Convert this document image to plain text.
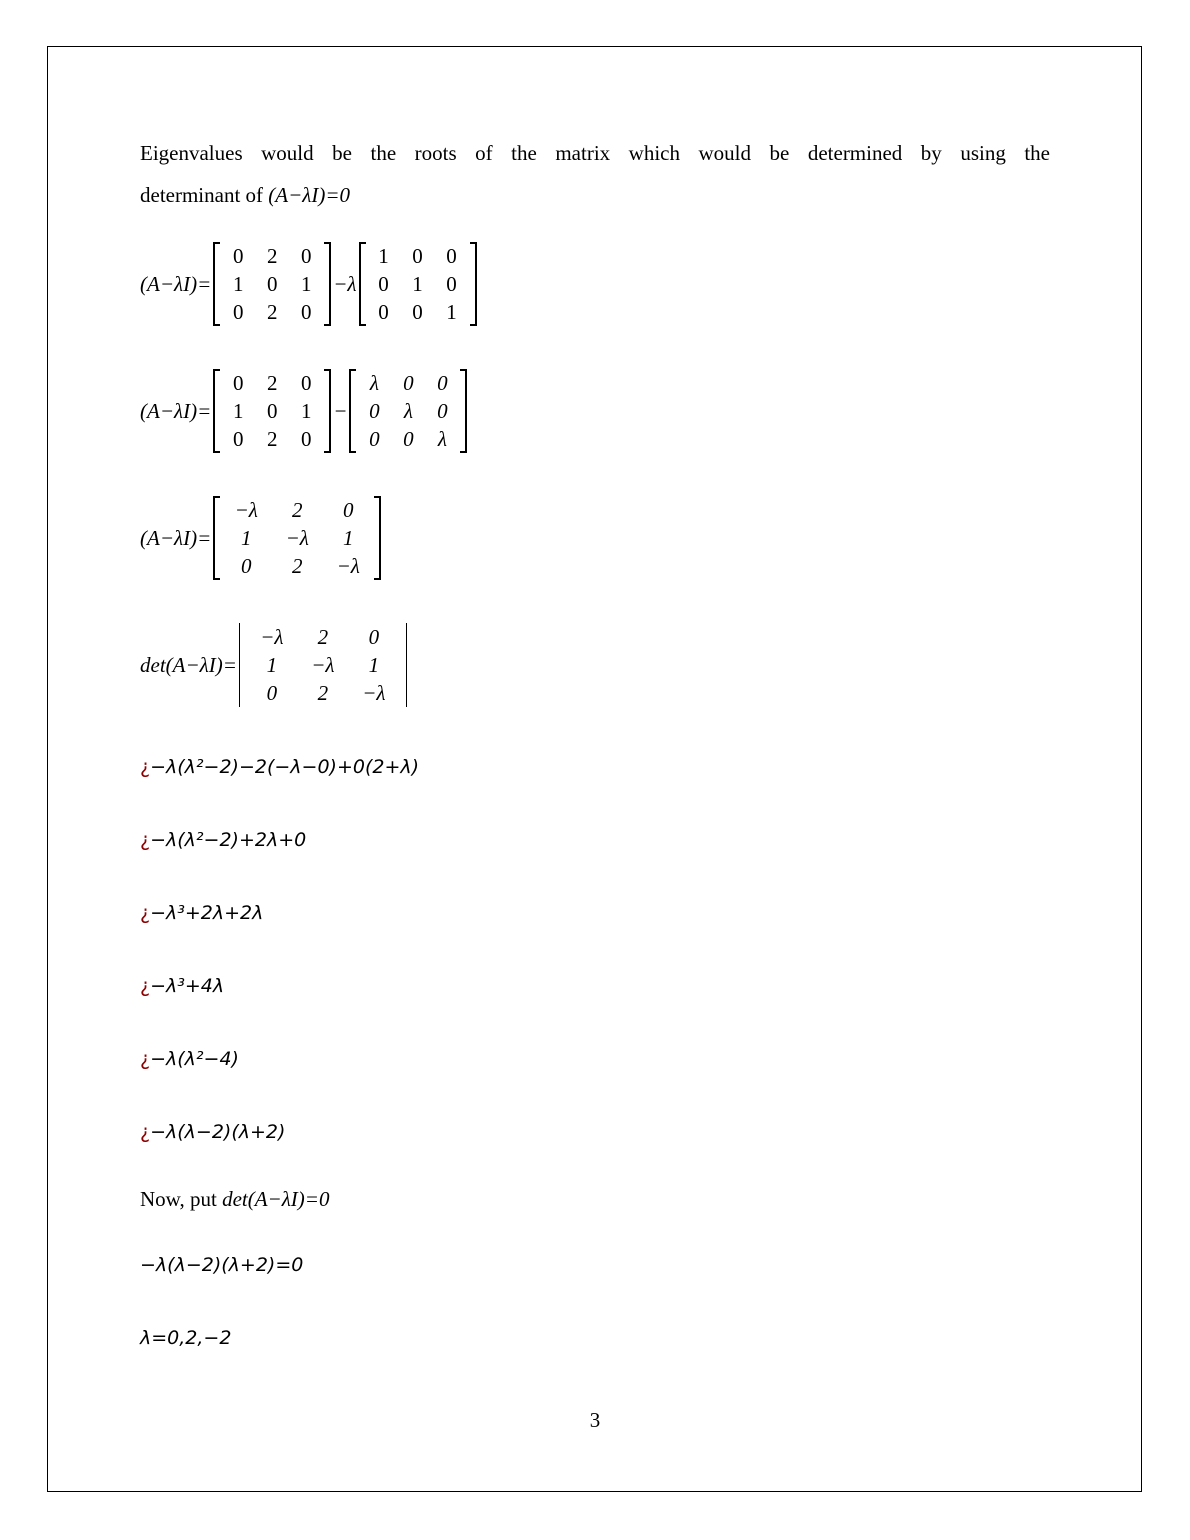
Eigenvalues would be the roots of the matrix which would be determined by using the
determinant of (A−λI)=0
(A−λI)=
0	2	0
1	0	1
0	2	0
−λ
1	0	0
0	1	0
0	0	1
(A−λI)=
0	2	0
1	0	1
0	2	0
−
λ	0	0
0	λ	0
0	0	λ
(A−λI)=
−λ	2	0
1	−λ	1
0	2	−λ
det(A−λI)=
−λ	2	0
1	−λ	1
0	2	−λ
¿−λ(λ²−2)−2(−λ−0)+0(2+λ)
¿−λ(λ²−2)+2λ+0
¿−λ³+2λ+2λ
¿−λ³+4λ
¿−λ(λ²−4)
¿−λ(λ−2)(λ+2)
Now, put det(A−λI)=0
−λ(λ−2)(λ+2)=0
λ=0,2,−2
3
